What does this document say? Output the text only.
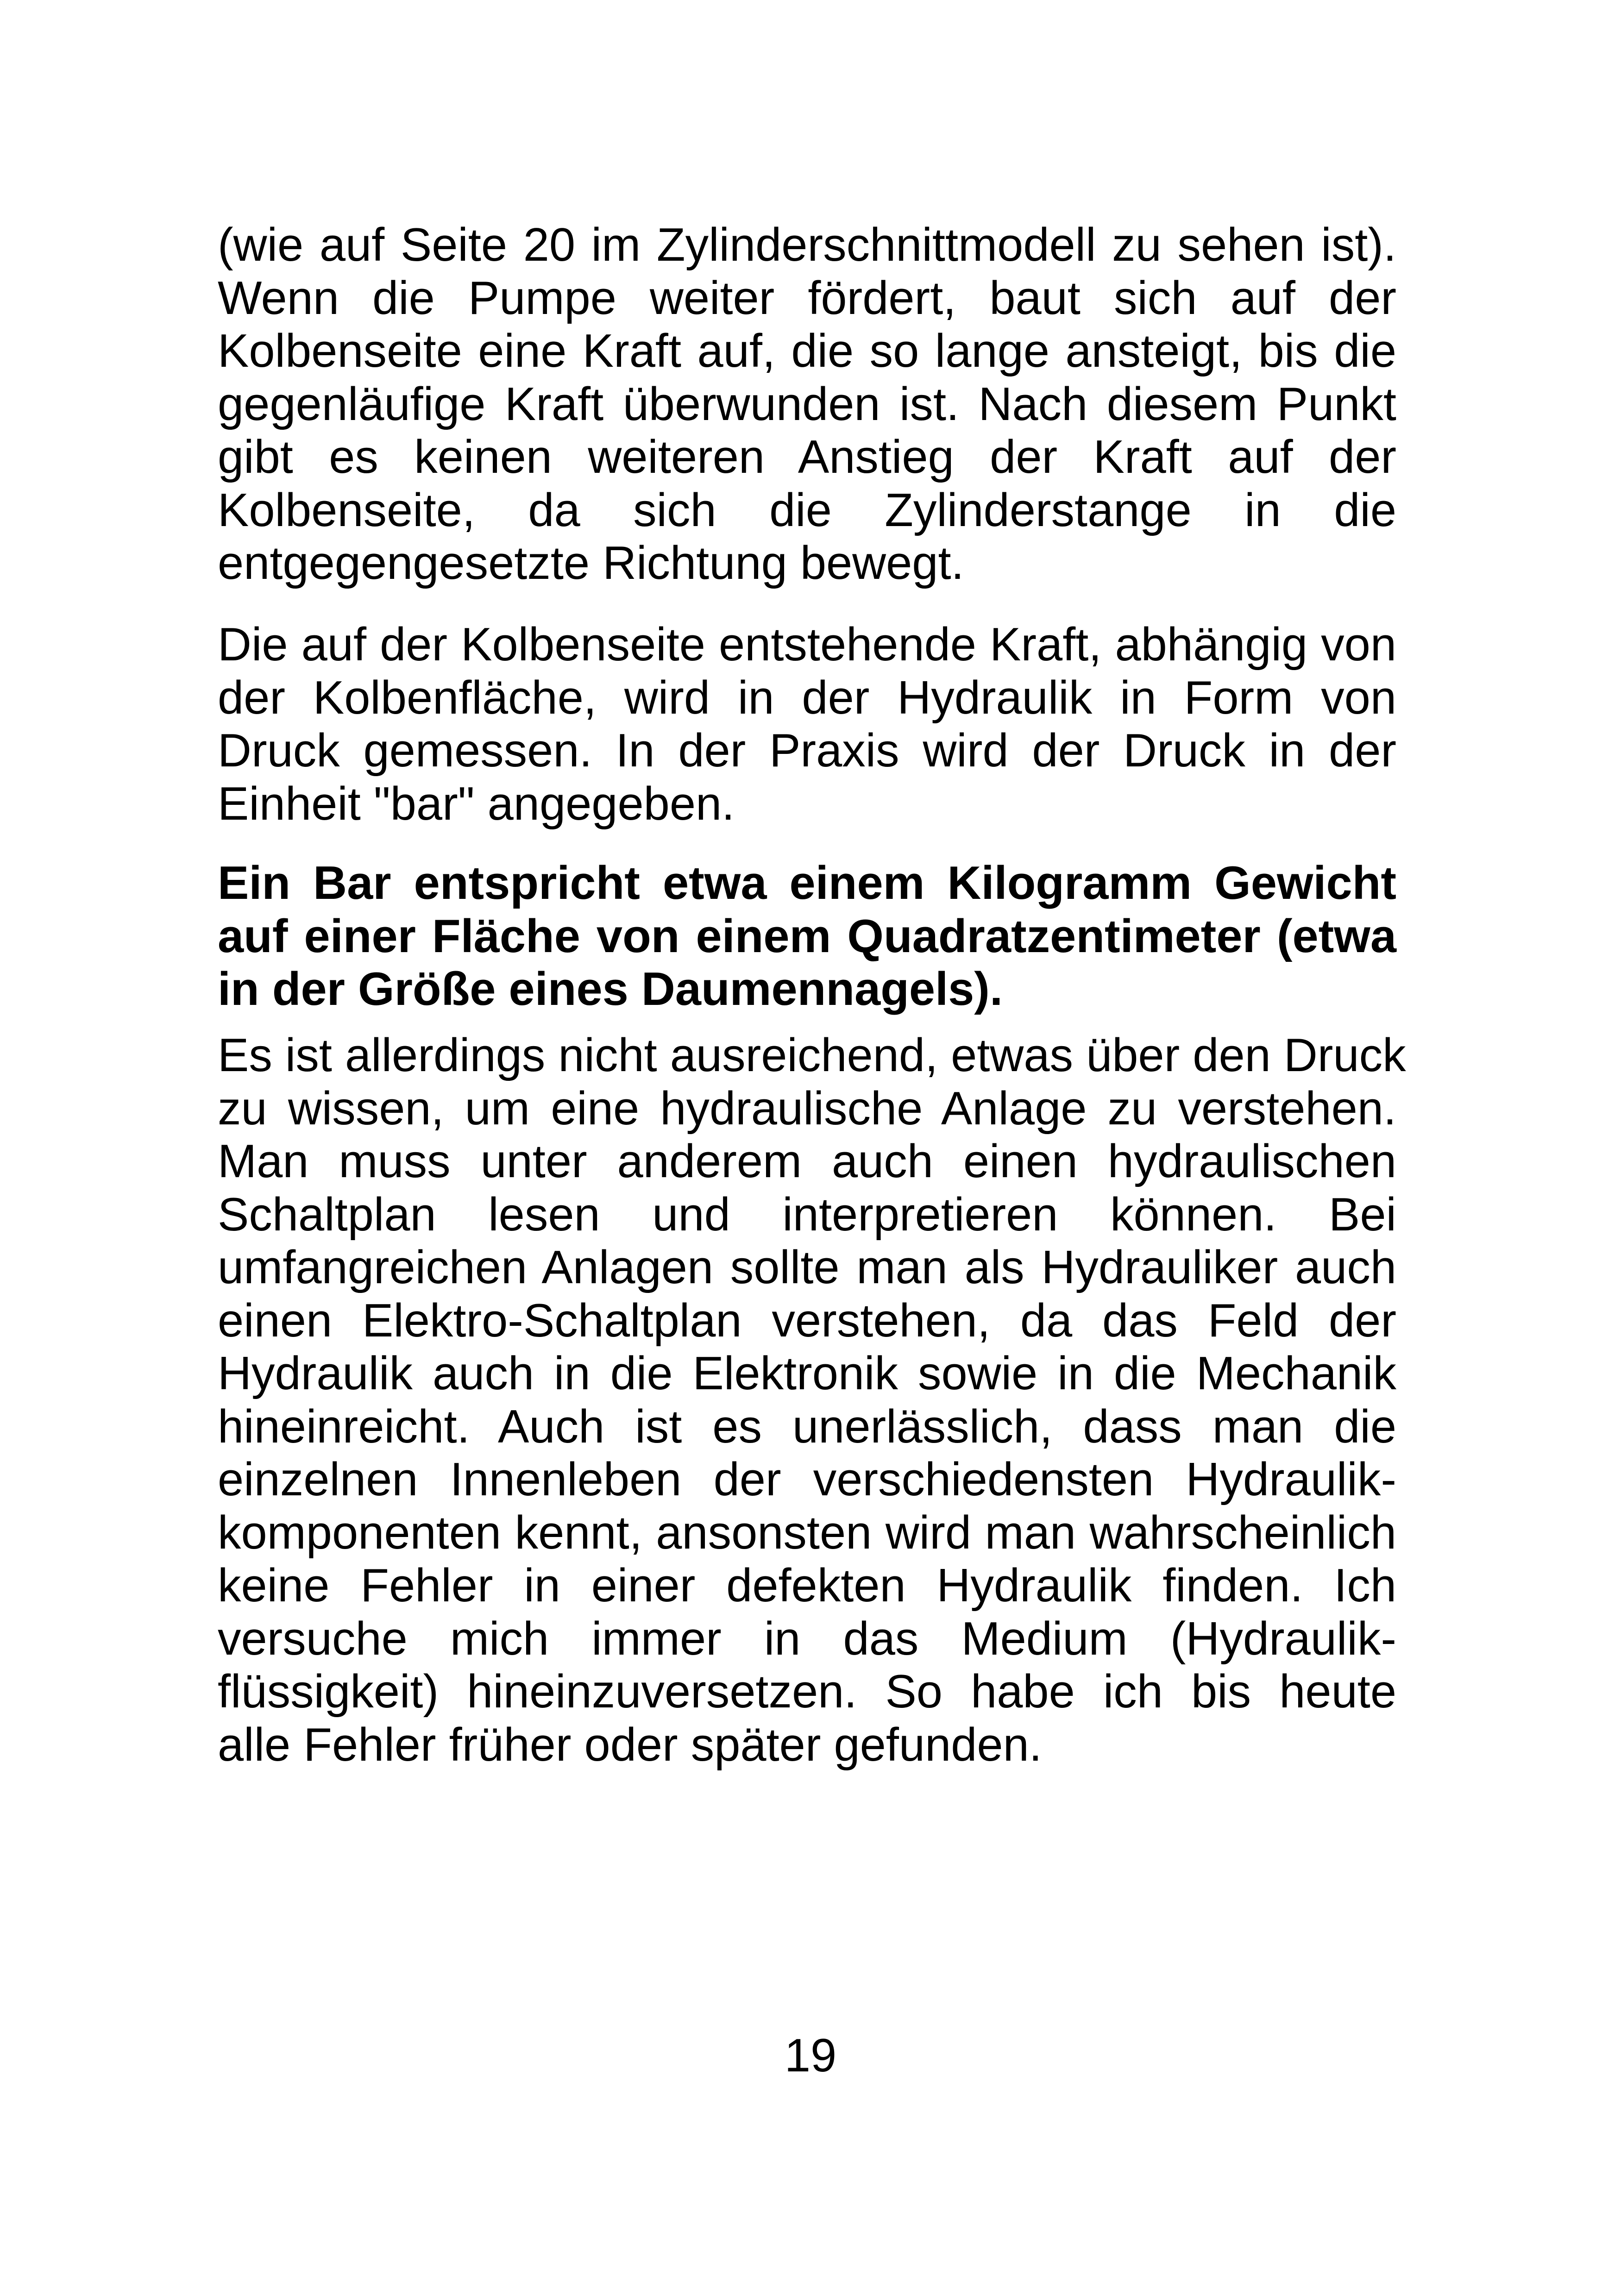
(wie auf Seite 20 im Zylinderschnittmodell zu sehen ist).
Wenn die Pumpe weiter fördert, baut sich auf der
Kolbenseite eine Kraft auf, die so lange ansteigt, bis die
gegenläufige Kraft überwunden ist. Nach diesem Punkt
gibt es keinen weiteren Anstieg der Kraft auf der
Kolbenseite, da sich die Zylinderstange in die
entgegengesetzte Richtung bewegt.
Die auf der Kolbenseite entstehende Kraft, abhängig von
der Kolbenfläche, wird in der Hydraulik in Form von
Druck gemessen. In der Praxis wird der Druck in der
Einheit "bar" angegeben.
Ein Bar entspricht etwa einem Kilogramm Gewicht
auf einer Fläche von einem Quadratzentimeter (etwa
in der Größe eines Daumennagels).
Es ist allerdings nicht ausreichend, etwas über den Druck
zu wissen, um eine hydraulische Anlage zu verstehen.
Man muss unter anderem auch einen hydraulischen
Schaltplan lesen und interpretieren können. Bei
umfangreichen Anlagen sollte man als Hydrauliker auch
einen Elektro-Schaltplan verstehen, da das Feld der
Hydraulik auch in die Elektronik sowie in die Mechanik
hineinreicht. Auch ist es unerlässlich, dass man die
einzelnen Innenleben der verschiedensten Hydraulik-
komponenten kennt, ansonsten wird man wahrscheinlich
keine Fehler in einer defekten Hydraulik finden. Ich
versuche mich immer in das Medium (Hydraulik-
flüssigkeit) hineinzuversetzen. So habe ich bis heute
alle Fehler früher oder später gefunden.
19
